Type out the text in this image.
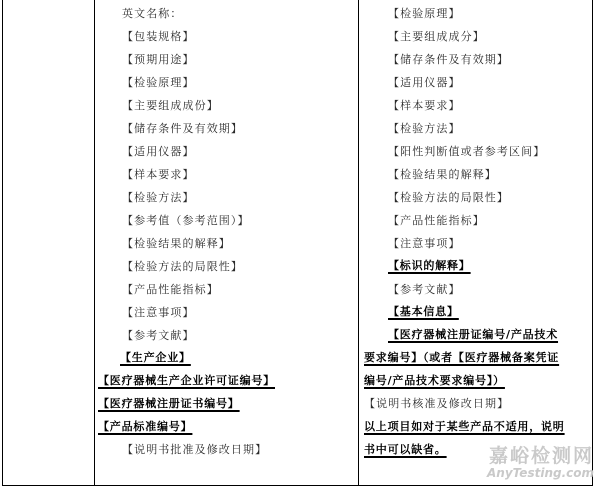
英文名称：
【包装规格】
【预期用途】
【检验原理】
【主要组成成份】
【储存条件及有效期】
【适用仪器】
【样本要求】
【检验方法】
【参考值（参考范围）】
【检验结果的解释】
【检验方法的局限性】
【产品性能指标】
【注意事项】
【参考文献】
【生产企业】
【医疗器械生产企业许可证编号】
【医疗器械注册证书编号】
【产品标准编号】
【说明书批准及修改日期】
【检验原理】
【主要组成成分】
【储存条件及有效期】
【适用仪器】
【样本要求】
【检验方法】
【阳性判断值或者参考区间】
【检验结果的解释】
【检验方法的局限性】
【产品性能指标】
【注意事项】
【标识的解释】
【参考文献】
【基本信息】
【医疗器械注册证编号/产品技术
要求编号】（或者【医疗器械备案凭证
编号/产品技术要求编号】）
【说明书核准及修改日期】
以上项目如对于某些产品不适用，说明
书中可以缺省。 嘉峪检测网
AnyTesting.com
